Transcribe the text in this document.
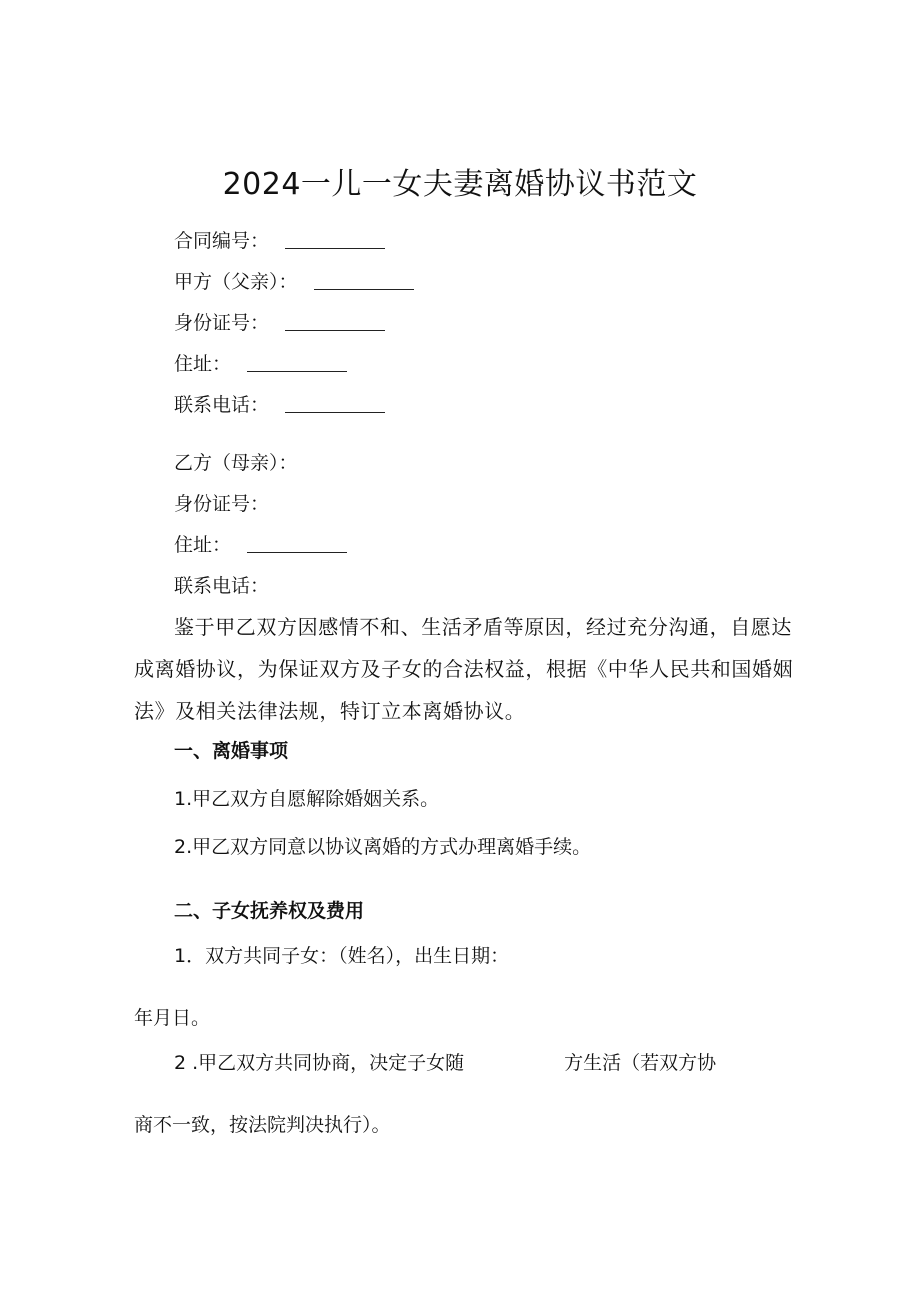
2024一儿一女夫妻离婚协议书范文
合同编号：
甲方（父亲）：
身份证号：
住址：
联系电话：
乙方（母亲）：
身份证号：
住址：
联系电话：

鉴于甲乙双方因感情不和、生活矛盾等原因，经过充分沟通，自愿达成离婚协议，为保证双方及子女的合法权益，根据《中华人民共和国婚姻法》及相关法律法规，特订立本离婚协议。

一、离婚事项
1.甲乙双方自愿解除婚姻关系。
2.甲乙双方同意以协议离婚的方式办理离婚手续。
二、子女抚养权及费用
1．双方共同子女：（姓名），出生日期：
年月日。
2 .甲乙双方共同协商，决定子女随	方生活（若双方协
商不一致，按法院判决执行）。
